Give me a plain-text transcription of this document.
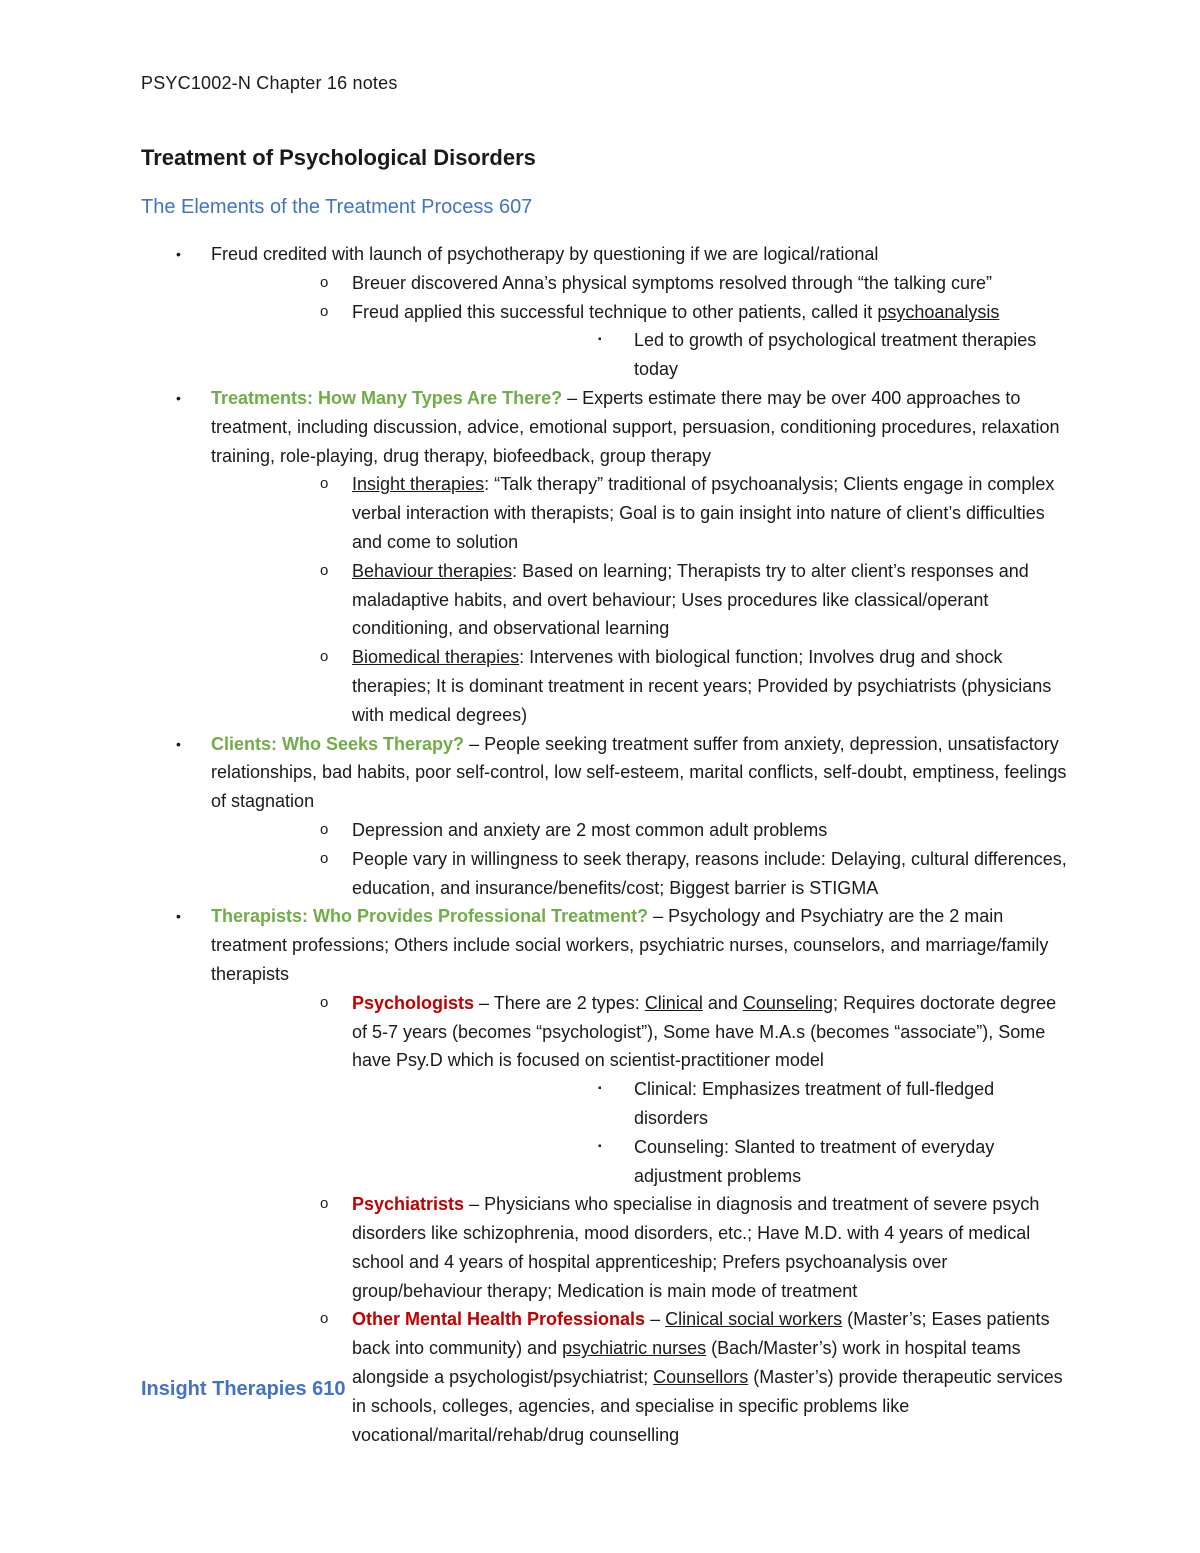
PSYC1002-N Chapter 16 notes
Treatment of Psychological Disorders
The Elements of the Treatment Process 607
• Freud credited with launch of psychotherapy by questioning if we are logical/rational
o Breuer discovered Anna’s physical symptoms resolved through “the talking cure”
o Freud applied this successful technique to other patients, called it psychoanalysis
▪ Led to growth of psychological treatment therapies today
• Treatments: How Many Types Are There? – Experts estimate there may be over 400 approaches to treatment, including discussion, advice, emotional support, persuasion, conditioning procedures, relaxation training, role-playing, drug therapy, biofeedback, group therapy
o Insight therapies: “Talk therapy” traditional of psychoanalysis; Clients engage in complex verbal interaction with therapists; Goal is to gain insight into nature of client’s difficulties and come to solution
o Behaviour therapies: Based on learning; Therapists try to alter client’s responses and maladaptive habits, and overt behaviour; Uses procedures like classical/operant conditioning, and observational learning
o Biomedical therapies: Intervenes with biological function; Involves drug and shock therapies; It is dominant treatment in recent years; Provided by psychiatrists (physicians with medical degrees)
• Clients: Who Seeks Therapy? – People seeking treatment suffer from anxiety, depression, unsatisfactory relationships, bad habits, poor self-control, low self-esteem, marital conflicts, self-doubt, emptiness, feelings of stagnation
o Depression and anxiety are 2 most common adult problems
o People vary in willingness to seek therapy, reasons include: Delaying, cultural differences, education, and insurance/benefits/cost; Biggest barrier is STIGMA
• Therapists: Who Provides Professional Treatment? – Psychology and Psychiatry are the 2 main treatment professions; Others include social workers, psychiatric nurses, counselors, and marriage/family therapists
o Psychologists – There are 2 types: Clinical and Counseling; Requires doctorate degree of 5-7 years (becomes “psychologist”), Some have M.A.s (becomes “associate”), Some have Psy.D which is focused on scientist-practitioner model
▪ Clinical: Emphasizes treatment of full-fledged disorders
▪ Counseling: Slanted to treatment of everyday adjustment problems
o Psychiatrists – Physicians who specialise in diagnosis and treatment of severe psych disorders like schizophrenia, mood disorders, etc.; Have M.D. with 4 years of medical school and 4 years of hospital apprenticeship; Prefers psychoanalysis over group/behaviour therapy; Medication is main mode of treatment
o Other Mental Health Professionals – Clinical social workers (Master’s; Eases patients back into community) and psychiatric nurses (Bach/Master’s) work in hospital teams alongside a psychologist/psychiatrist; Counsellors (Master’s) provide therapeutic services in schools, colleges, agencies, and specialise in specific problems like vocational/marital/rehab/drug counselling
Insight Therapies 610
